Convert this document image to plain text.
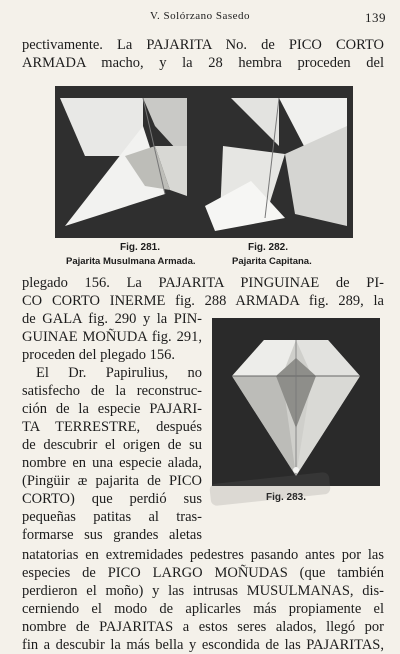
V. Solórzano Sasedo	139
pectivamente. La PAJARITA No. de PICO CORTO
ARMADA macho, y la 28 hembra proceden del
Fig. 281.
Pajarita Musulmana Armada.
Fig. 282.
Pajarita Capitana.
plegado 156. La PAJARITA PINGUINAE de PI-
CO CORTO INERME fig. 288 ARMADA fig. 289, la
de GALA fig. 290 y la PIN-
GUINAE MOÑUDA fig. 291,
proceden del plegado 156.
El Dr. Papirulius, no
satisfecho de la reconstruc-
ción de la especie PAJARI-
TA TERRESTRE, después
de descubrir el origen de su
nombre en una especie alada,
(Pingüir æ pajarita de PICO
CORTO) que perdió sus
pequeñas patitas al tras-
formarse sus grandes aletas
Fig. 283.
natatorias en extremidades pedestres pasando antes por las
especies de PICO LARGO MOÑUDAS (que también
perdieron el moño) y las intrusas MUSULMANAS, dis-
cerniendo el modo de aplicarles más propiamente el
nombre de PAJARITAS a estos seres alados, llegó por
fin a descubir la más bella y escondida de las PAJARITAS,
